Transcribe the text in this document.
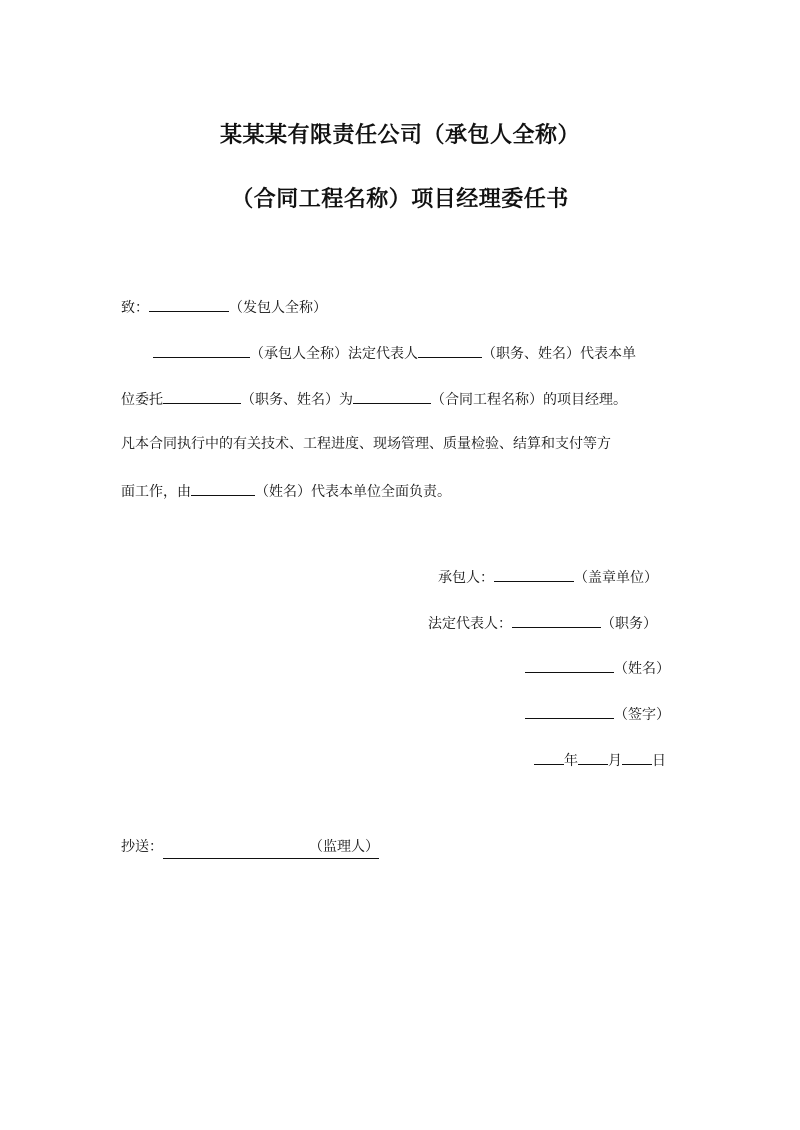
某某某有限责任公司（承包人全称）
（合同工程名称）项目经理委任书
致：	（发包人全称）
（承包人全称）法定代表人	（职务、姓名）代表本单
位委托	（职务、姓名）为	（合同工程名称）的项目经理。
凡本合同执行中的有关技术、工程进度、现场管理、质量检验、结算和支付等方
面工作，由	（姓名）代表本单位全面负责。
承包人：	（盖章单位）
法定代表人：	（职务）
（姓名）
（签字）
年 月 日
抄送：	（监理人）
